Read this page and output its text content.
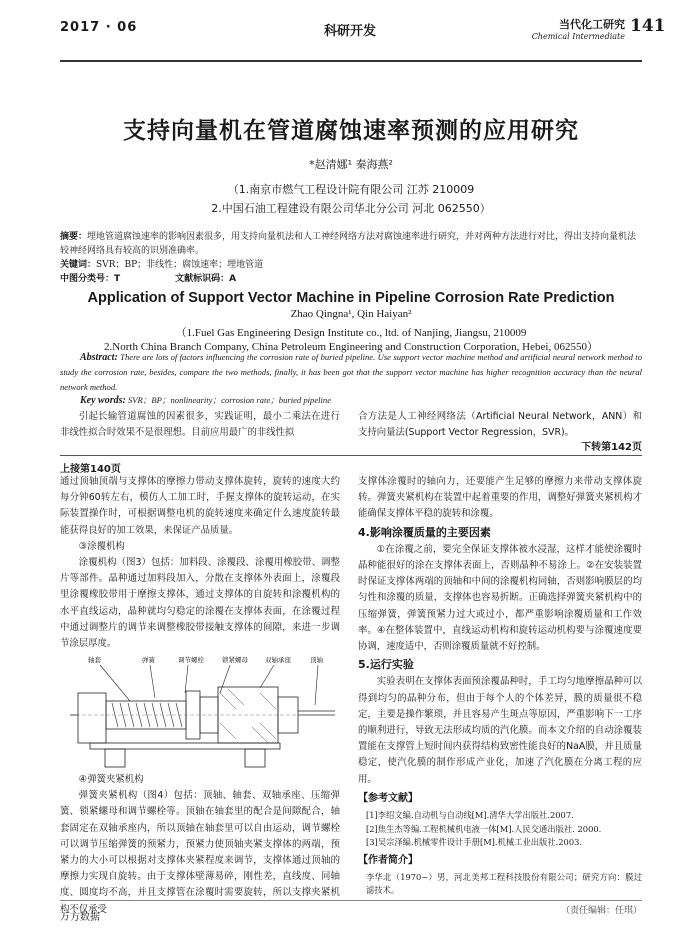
2017 · 06	科研开发	当代化工研究
Chemical Intermediate
141
支持向量机在管道腐蚀速率预测的应用研究
*赵清娜¹ 秦海燕²
（1.南京市燃气工程设计院有限公司 江苏 210009
2.中国石油工程建设有限公司华北分公司 河北 062550）
摘要：埋地管道腐蚀速率的影响因素很多，用支持向量机法和人工神经网络方法对腐蚀速率进行研究，并对两种方法进行对比，得出支持向量机法较神经网络具有较高的识别准确率。
关键词：SVR；BP；非线性；腐蚀速率；埋地管道
中图分类号：T	文献标识码：A
Application of Support Vector Machine in Pipeline Corrosion Rate Prediction
Zhao Qingna¹, Qin Haiyan²
（1.Fuel Gas Engineering Design Institute co., ltd. of Nanjing, Jiangsu, 210009
2.North China Branch Company, China Petroleum Engineering and Construction Corporation, Hebei, 062550）
Abstract: There are lots of factors influencing the corrosion rate of buried pipeline. Use support vector machine method and artificial neural network method to study the corrosion rate, besides, compare the two methods, finally, it has been got that the support vector machine has higher recognition accuracy than the neural network method.
Key words: SVR；BP；nonlinearity；corrosion rate；buried pipeline
引起长输管道腐蚀的因素很多，实践证明，最小二乘法在进行非线性拟合时效果不是很理想。目前应用最广的非线性拟
合方法是人工神经网络法（Artificial Neural Network，ANN）和支持向量法(Support Vector Regression，SVR)。
下转第142页
上接第140页

通过顶轴顶端与支撑体的摩擦力带动支撑体旋转，旋转的速度大约每分钟60转左右，模仿人工加工时，手握支撑体的旋转运动，在实际装置操作时，可根据调整电机的旋转速度来确定什么速度旋转最能获得良好的加工效果，来保证产品质量。

③涂覆机构

涂覆机构（图3）包括：加料段、涂覆段、涂覆用橡胶带、调整片等部件。晶种通过加料段加入，分散在支撑体外表面上，涂覆段里涂覆橡胶带用于摩擦支撑体，通过支撑体的自旋转和涂覆机构的水平直线运动，晶种就均匀稳定的涂覆在支撑体表面，在涂覆过程中通过调整片的调节来调整橡胶带接触支撑体的间隙，来进一步调节涂层厚度。

弹簧	调节螺栓	锁紧螺母	双轴承座	顶轴
轴套

④弹簧夹紧机构

弹簧夹紧机构（图4）包括：顶轴、轴套、双轴承座、压缩弹簧、锁紧螺母和调节螺栓等。顶轴在轴套里的配合是间隙配合，轴套固定在双轴承座内，所以顶轴在轴套里可以自由运动，调节螺栓可以调节压缩弹簧的预紧力，预紧力使顶轴夹紧支撑体的两端，预紧力的大小可以根据对支撑体夹紧程度来调节，支撑体通过顶轴的摩擦力实现自旋转。由于支撑体壁薄易碎，刚性差，直线度、同轴度、圆度均不高，并且支撑管在涂覆时需要旋转，所以支撑夹紧机构不仅承受

支撑体涂覆时的轴向力，还要能产生足够的摩擦力来带动支撑体旋转。弹簧夹紧机构在装置中起着重要的作用，调整好弹簧夹紧机构才能确保支撑体平稳的旋转和涂覆。

4.影响涂覆质量的主要因素

①在涂覆之前，要完全保证支撑体被水浸湿，这样才能使涂覆时晶种能很好的涂在支撑体表面上，否则晶种不易涂上。②在安装装置时保证支撑体两端的顶轴和中间的涂覆机构同轴，否则影响膜层的均匀性和涂覆的质量，支撑体也容易折断。正确选择弹簧夹紧机构中的压缩弹簧，弹簧预紧力过大或过小，都严重影响涂覆质量和工作效率。④在整体装置中，直线运动机构和旋转运动机构要与涂覆速度要协调，速度适中，否则涂覆质量就不好控制。

5.运行实验

实验表明在支撑体表面预涂覆晶种时，手工均匀地摩擦晶种可以得到均匀的晶种分布，但由于每个人的个体差异，膜的质量很不稳定，主要是操作繁琐，并且容易产生斑点等原因，严重影响下一工序的顺利进行，导致无法形成均质的汽化膜。而本文介绍的自动涂覆装置能在支撑管上短时间内获得结构致密性能良好的NaA膜，并且质量稳定，使汽化膜的制作形成产业化，加速了汽化膜在分离工程的应用。

【参考文献】

[1]李绍文编.自动机与自动线[M].清华大学出版社.2007.
[2]焦生杰等编.工程机械机电液一体[M].人民交通出版社. 2000.
[3]吴宗泽编.机械零件设计手册[M].机械工业出版社.2003.

【作者简介】

李华北（1970~）男，河北美邦工程科技股份有限公司；研究方向：膜过滤技术。

（责任编辑：任琪）

万方数据
